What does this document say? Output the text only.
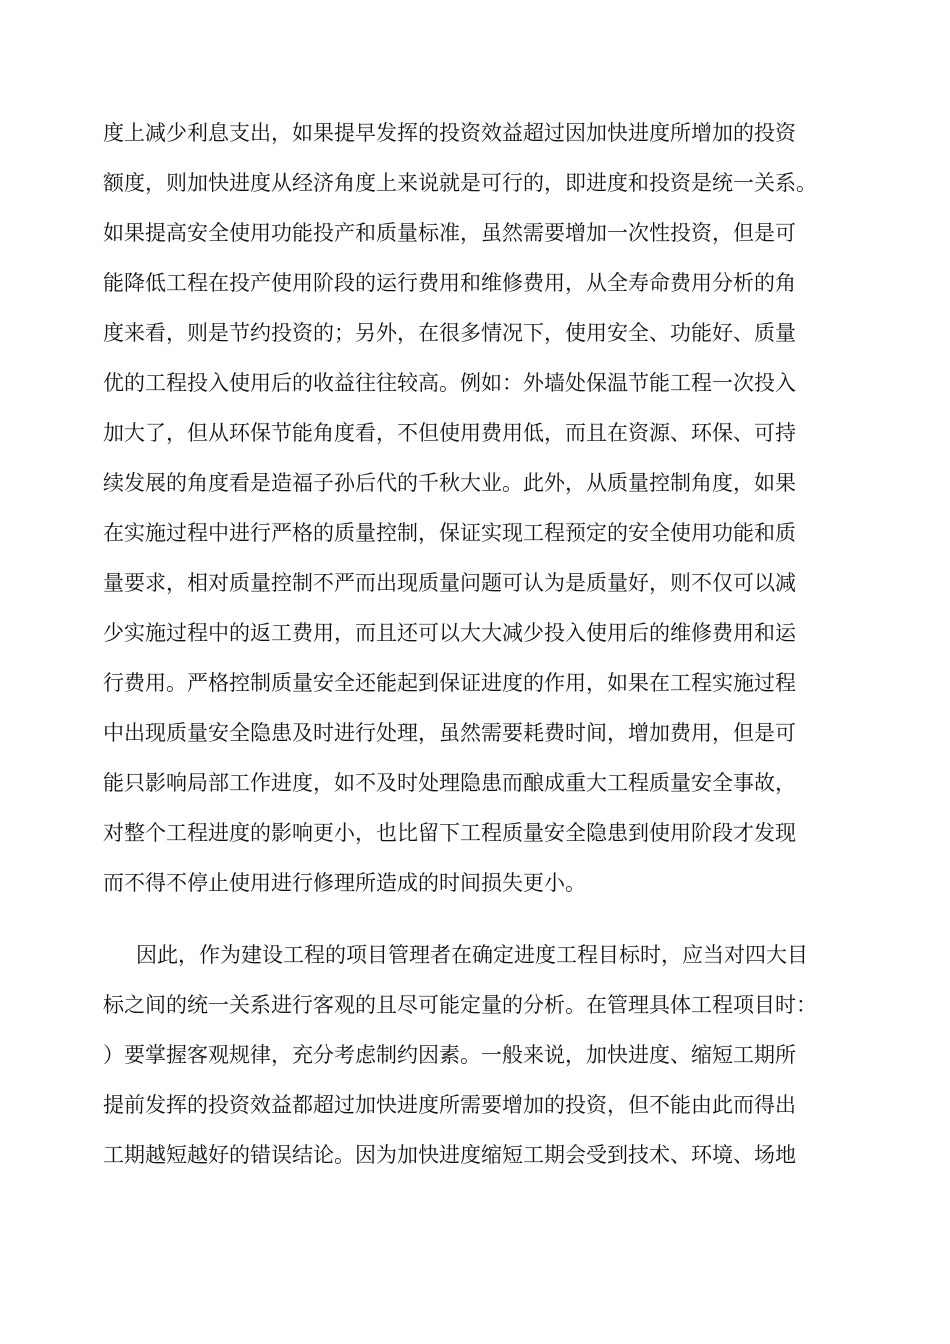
度上减少利息支出，如果提早发挥的投资效益超过因加快进度所增加的投资
额度，则加快进度从经济角度上来说就是可行的，即进度和投资是统一关系。
如果提高安全使用功能投产和质量标准，虽然需要增加一次性投资，但是可
能降低工程在投产使用阶段的运行费用和维修费用，从全寿命费用分析的角
度来看，则是节约投资的；另外，在很多情况下，使用安全、功能好、质量
优的工程投入使用后的收益往往较高。例如：外墙处保温节能工程一次投入
加大了，但从环保节能角度看，不但使用费用低，而且在资源、环保、可持
续发展的角度看是造福子孙后代的千秋大业。此外，从质量控制角度，如果
在实施过程中进行严格的质量控制，保证实现工程预定的安全使用功能和质
量要求，相对质量控制不严而出现质量问题可认为是质量好，则不仅可以减
少实施过程中的返工费用，而且还可以大大减少投入使用后的维修费用和运
行费用。严格控制质量安全还能起到保证进度的作用，如果在工程实施过程
中出现质量安全隐患及时进行处理，虽然需要耗费时间，增加费用，但是可
能只影响局部工作进度，如不及时处理隐患而酿成重大工程质量安全事故，
对整个工程进度的影响更小，也比留下工程质量安全隐患到使用阶段才发现
而不得不停止使用进行修理所造成的时间损失更小。
因此，作为建设工程的项目管理者在确定进度工程目标时，应当对四大目
标之间的统一关系进行客观的且尽可能定量的分析。在管理具体工程项目时：
）要掌握客观规律，充分考虑制约因素。一般来说，加快进度、缩短工期所
提前发挥的投资效益都超过加快进度所需要增加的投资，但不能由此而得出
工期越短越好的错误结论。因为加快进度缩短工期会受到技术、环境、场地
